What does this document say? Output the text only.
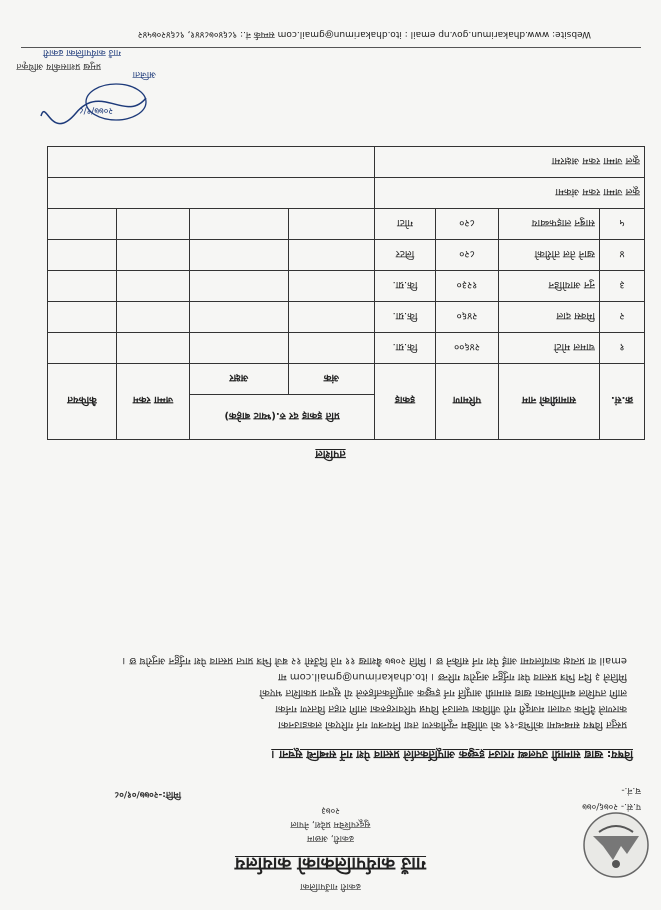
ढकारी गाउँपालिका
गाउँ कार्यपालिकाको कार्यालय
ढकारी, अछाम
सुदूरपश्चिम प्रदेश, नेपाल
२०७३	प.सं.- २०७६/०७७
च.नं.-
मिति:-२०७७/०१/०८
विषय: खाद्य सामाग्री उपलब्ध गराउन इच्छुक आपूर्तिकर्ताले प्रस्ताव पेश गर्ने सम्बन्धि सूचना ।
प्रस्तुत विषय सम्बन्धमा कोभिड-१९ को जोखिम न्यूनीकरण तथा नियन्त्रण गर्न गरिएको लकडाउनका
कारणले दैनिक ज्याला मजदूरी गरी जीविका चलाउने विपन्न परिवारहरुका लागि राहत वितरण गर्नका
लागि तपशिल बमोजिमका खाद्य सामाग्री आपूर्ति गर्न इच्छुक आपूर्तिकर्ताहरुले यो सूचना प्रकाशित भएको
मितिले ३ दिन भित्र प्रस्ताव पेश गर्नुहुन अनुरोध गरिन्छ । ito.dhakarimun@gmail.com मा
email वा प्रत्यक्ष कार्यालयमा आई पेश गर्न सकिने छ । मिति २०७७ बैशाख ११ गते दिउँसो १२ बजे भित्र प्राप्त प्रस्ताव पेश गर्नुहुन अनुरोध छ ।
तपशिल
क्र.सं.	सामाग्रीको नाम	परिमाण	इकाइ	प्रति इकाइ दर रु.(भ्याट बाहेक)		जम्मा रकम	कैफियत
				अंक	अक्षर		
१	चामल मोटो	२४६००	कि.ग्रा.				
२	मिक्स दाल	२४६०	कि.ग्रा.				
३	नुन आयोडिन	१२३०	कि.ग्रा.				
४	खाने तेल तोरीको	८२०	लिटर				
५	साबुन लाइफब्वाय	८२०	गोटा				
कूल जम्मा रकम अंकमा							
कूल जम्मा रकम अक्षरमा							
२०७७/१/८
अजिता
प्रमुख प्रशासकीय अधिकृत
गाउँ कार्यपालिका ढकारी
Website: www.dhakarimun.gov.np email : ito.dhakarimun@gmail.com सम्पर्क नं.: ९८६४०७८४४१, ९८६४२०७५४२
